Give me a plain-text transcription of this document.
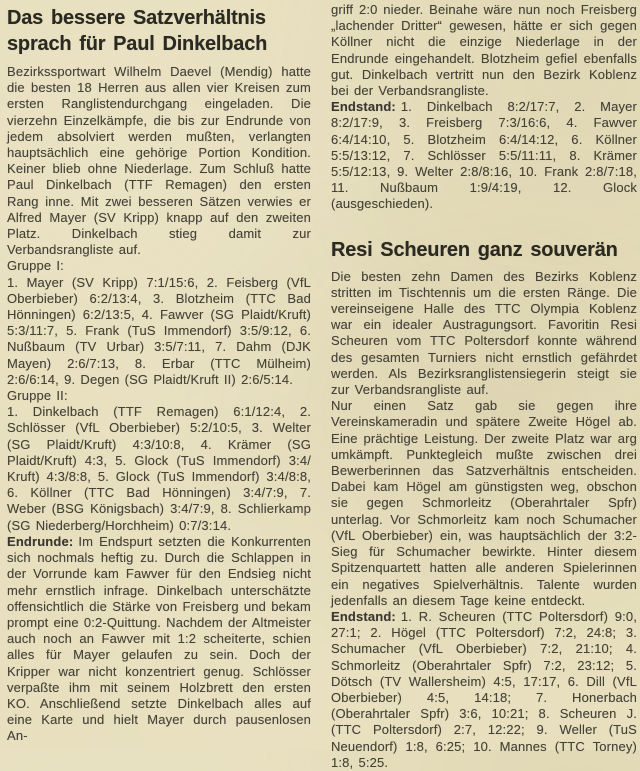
Das bessere Satzverhältnis sprach für Paul Dinkelbach

Bezirkssportwart Wilhelm Daevel (Mendig) hatte die besten 18 Herren aus allen vier Kreisen zum ersten Ranglistendurchgang eingeladen. Die vierzehn Einzelkämpfe, die bis zur Endrunde von jedem absolviert werden mußten, verlangten hauptsächlich eine gehörige Portion Kondition. Keiner blieb ohne Niederlage. Zum Schluß hatte Paul Dinkelbach (TTF Remagen) den ersten Rang inne. Mit zwei besseren Sätzen verwies er Alfred Mayer (SV Kripp) knapp auf den zweiten Platz. Dinkelbach stieg damit zur Verbandsrangliste auf.

Gruppe I:

1. Mayer (SV Kripp) 7:1/15:6, 2. Feisberg (VfL Oberbieber) 6:2/13:4, 3. Blotzheim (TTC Bad Hönningen) 6:2/13:5, 4. Fawver (SG Plaidt/Kruft) 5:3/11:7, 5. Frank (TuS Immendorf) 3:5/9:12, 6. Nußbaum (TV Urbar) 3:5/7:11, 7. Dahm (DJK Mayen) 2:6/7:13, 8. Erbar (TTC Mülheim) 2:6/6:14, 9. Degen (SG Plaidt/Kruft II) 2:6/5:14.

Gruppe II:

1. Dinkelbach (TTF Remagen) 6:1/12:4, 2. Schlösser (VfL Oberbieber) 5:2/10:5, 3. Welter (SG Plaidt/Kruft) 4:3/10:8, 4. Krämer (SG Plaidt/Kruft) 4:3, 5. Glock (TuS Immendorf) 3:4/ Kruft) 4:3/8:8, 5. Glock (TuS Immendorf) 3:4/8:8, 6. Köllner (TTC Bad Hönningen) 3:4/7:9, 7. Weber (BSG Königsbach) 3:4/7:9, 8. Schlierkamp (SG Niederberg/Horchheim) 0:7/3:14.

Endrunde: Im Endspurt setzten die Konkurrenten sich nochmals heftig zu. Durch die Schlappen in der Vorrunde kam Fawver für den Endsieg nicht mehr ernstlich infrage. Dinkelbach unterschätzte offensichtlich die Stärke von Freisberg und bekam prompt eine 0:2-Quittung. Nachdem der Altmeister auch noch an Fawver mit 1:2 scheiterte, schien alles für Mayer gelaufen zu sein. Doch der Kripper war nicht konzentriert genug. Schlösser verpaßte ihm mit seinem Holzbrett den ersten KO. Anschließend setzte Dinkelbach alles auf eine Karte und hielt Mayer durch pausenlosen An-

griff 2:0 nieder. Beinahe wäre nun noch Freisberg „lachender Dritter“ gewesen, hätte er sich gegen Köllner nicht die einzige Niederlage in der Endrunde eingehandelt. Blotzheim gefiel ebenfalls gut. Dinkelbach vertritt nun den Bezirk Koblenz bei der Verbandsrangliste.

Endstand: 1. Dinkelbach 8:2/17:7, 2. Mayer 8:2/17:9, 3. Freisberg 7:3/16:6, 4. Fawver 6:4/14:10, 5. Blotzheim 6:4/14:12, 6. Köllner 5:5/13:12, 7. Schlösser 5:5/11:11, 8. Krämer 5:5/12:13, 9. Welter 2:8/8:16, 10. Frank 2:8/7:18, 11. Nußbaum 1:9/4:19, 12. Glock (ausgeschieden).

Resi Scheuren ganz souverän

Die besten zehn Damen des Bezirks Koblenz stritten im Tischtennis um die ersten Ränge. Die vereinseigene Halle des TTC Olympia Koblenz war ein idealer Austragungsort. Favoritin Resi Scheuren vom TTC Poltersdorf konnte während des gesamten Turniers nicht ernstlich gefährdet werden. Als Bezirksranglistensiegerin steigt sie zur Verbandsrangliste auf.

Nur einen Satz gab sie gegen ihre Vereinskameradin und spätere Zweite Högel ab. Eine prächtige Leistung. Der zweite Platz war arg umkämpft. Punktegleich mußte zwischen drei Bewerberinnen das Satzverhältnis entscheiden. Dabei kam Högel am günstigsten weg, obschon sie gegen Schmorleitz (Oberahrtaler Spfr) unterlag. Vor Schmorleitz kam noch Schumacher (VfL Oberbieber) ein, was hauptsächlich der 3:2-Sieg für Schumacher bewirkte. Hinter diesem Spitzenquartett hatten alle anderen Spielerinnen ein negatives Spielverhältnis. Talente wurden jedenfalls an diesem Tage keine entdeckt.

Endstand: 1. R. Scheuren (TTC Poltersdorf) 9:0, 27:1; 2. Högel (TTC Poltersdorf) 7:2, 24:8; 3. Schumacher (VfL Oberbieber) 7:2, 21:10; 4. Schmorleitz (Oberahrtaler Spfr) 7:2, 23:12; 5. Dötsch (TV Wallersheim) 4:5, 17:17, 6. Dill (VfL Oberbieber) 4:5, 14:18; 7. Honerbach (Oberahrtaler Spfr) 3:6, 10:21; 8. Scheuren J. (TTC Poltersdorf) 2:7, 12:22; 9. Weller (TuS Neuendorf) 1:8, 6:25; 10. Mannes (TTC Torney) 1:8, 5:25.
